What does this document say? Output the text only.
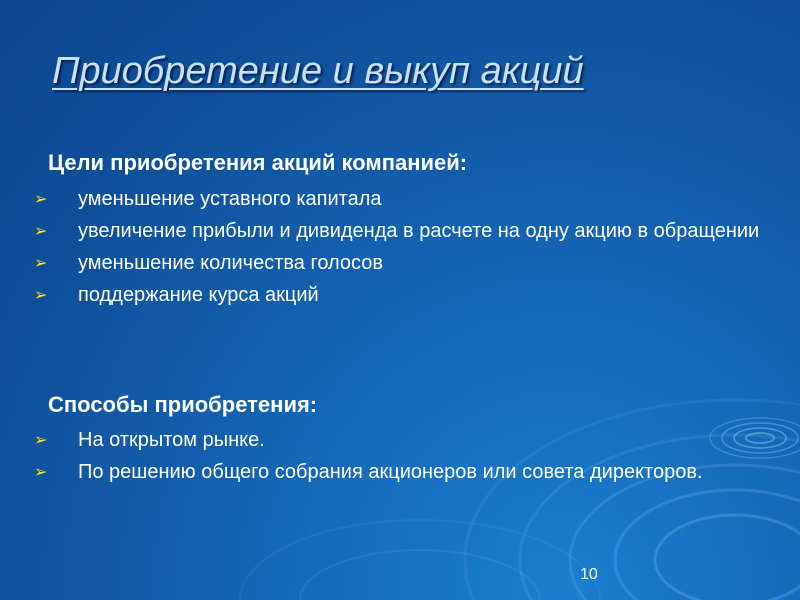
Приобретение и выкуп акций
Цели приобретения акций компанией:
➢ уменьшение уставного капитала
➢ увеличение прибыли и дивиденда в расчете на одну акцию в обращении
➢ уменьшение количества голосов
➢ поддержание курса акций
Способы приобретения:
➢ На открытом рынке.
➢ По решению общего собрания акционеров или совета директоров.
10
